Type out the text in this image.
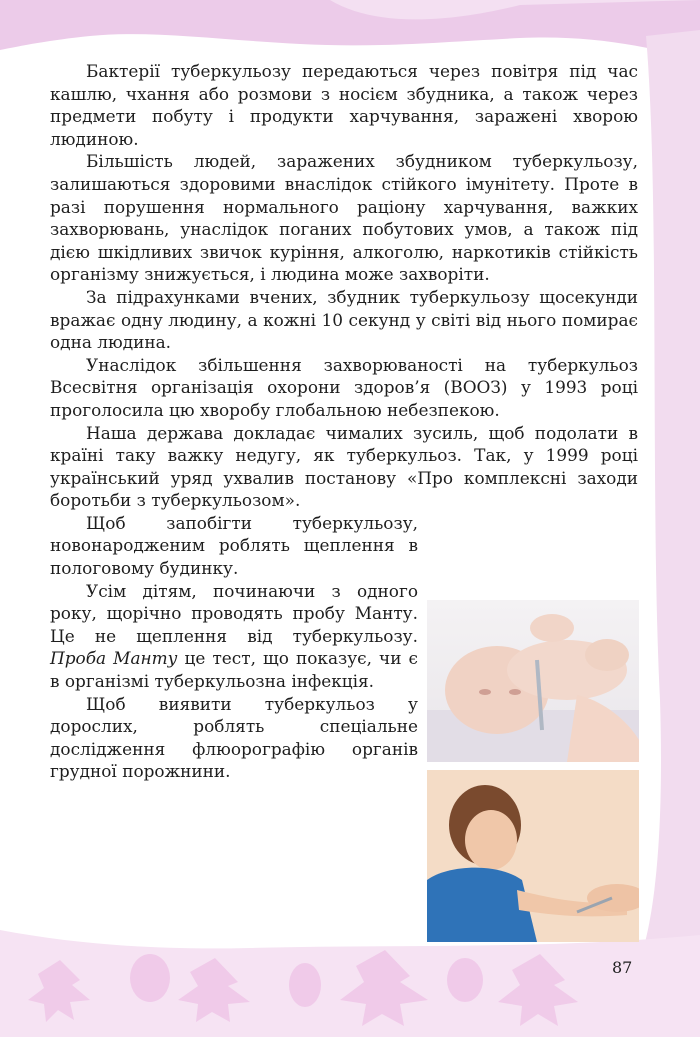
Бактерії туберкульозу передаються через повітря під час кашлю, чхання або розмови з носієм збудника, а також через предмети побуту і продукти харчування, заражені хворою людиною.

Більшість людей, заражених збудником туберкульозу, залишаються здоровими внаслідок стійкого імунітету. Проте в разі порушення нормального раціону харчування, важких захворювань, унаслідок поганих побутових умов, а також під дією шкідливих звичок куріння, алкоголю, наркотиків стійкість організму знижується, і людина може захворіти.

За підрахунками вчених, збудник туберкульозу щосекунди вражає одну людину, а кожні 10 секунд у світі від нього помирає одна людина.

Унаслідок збільшення захворюваності на туберкульоз Всесвітня організація охорони здоров’я (ВООЗ) у 1993 році проголосила цю хворобу глобальною небезпекою.

Наша держава докладає чималих зусиль, щоб подолати в країні таку важку недугу, як туберкульоз. Так, у 1999 році український уряд ухвалив постанову «Про комплексні заходи боротьби з туберкульозом».

Щоб запобігти туберкульозу, новонародженим роблять щеплення в пологовому будинку.

Усім дітям, починаючи з одного року, щорічно проводять пробу Манту. Це не щеплення від туберкульозу. Проба Манту це тест, що показує, чи є в організмі туберкульозна інфекція.

Щоб виявити туберкульоз у дорослих, роблять спеціальне дослідження флюорографію органів грудної порожнини.

87
